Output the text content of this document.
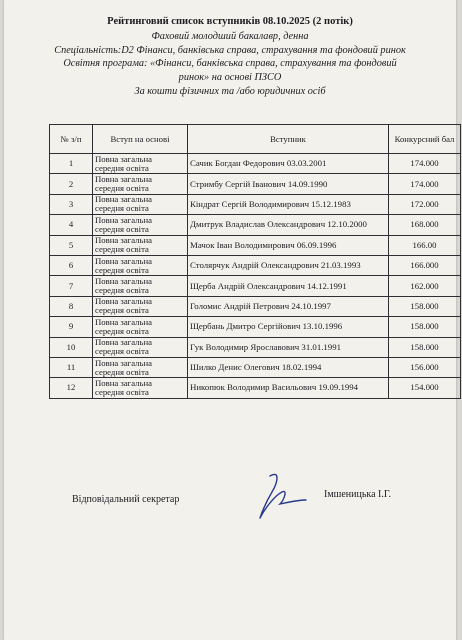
Рейтинговий список вступників 08.10.2025 (2 потік)
Фаховий молодший бакалавр, денна
Спеціальність:D2 Фінанси, банківська справа, страхування та фондовий ринок
Освітня програма: «Фінанси, банківська справа, страхування та фондовий
ринок» на основі ПЗСО
За кошти фізичних та /або юридичних осіб
№ з/п	Вступ на основі	Вступник	Конкурсний бал
1	Повна загальна
середня освіта	Сачик Богдан Федорович 03.03.2001	174.000
2	Повна загальна
середня освіта	Стримбу Сергій Іванович 14.09.1990	174.000
3	Повна загальна
середня освіта	Кіндрат Сергій Володимирович 15.12.1983	172.000
4	Повна загальна
середня освіта	Дмитрук Владислав Олександрович 12.10.2000	168.000
5	Повна загальна
середня освіта	Мачок Іван Володимирович 06.09.1996	166.00
6	Повна загальна
середня освіта	Столярчук Андрій Олександрович 21.03.1993	166.000
7	Повна загальна
середня освіта	Щерба Андрій Олександрович 14.12.1991	162.000
8	Повна загальна
середня освіта	Голомис Андрій Петрович 24.10.1997	158.000
9	Повна загальна
середня освіта	Щербань Дмитро Сергійович 13.10.1996	158.000
10	Повна загальна
середня освіта	Гук Володимир Ярославович 31.01.1991	158.000
11	Повна загальна
середня освіта	Шилко Денис Олегович 18.02.1994	156.000
12	Повна загальна
середня освіта	Никопюк Володимир Васильович 19.09.1994	154.000
Відповідальний секретар	Імшеницька І.Г.
